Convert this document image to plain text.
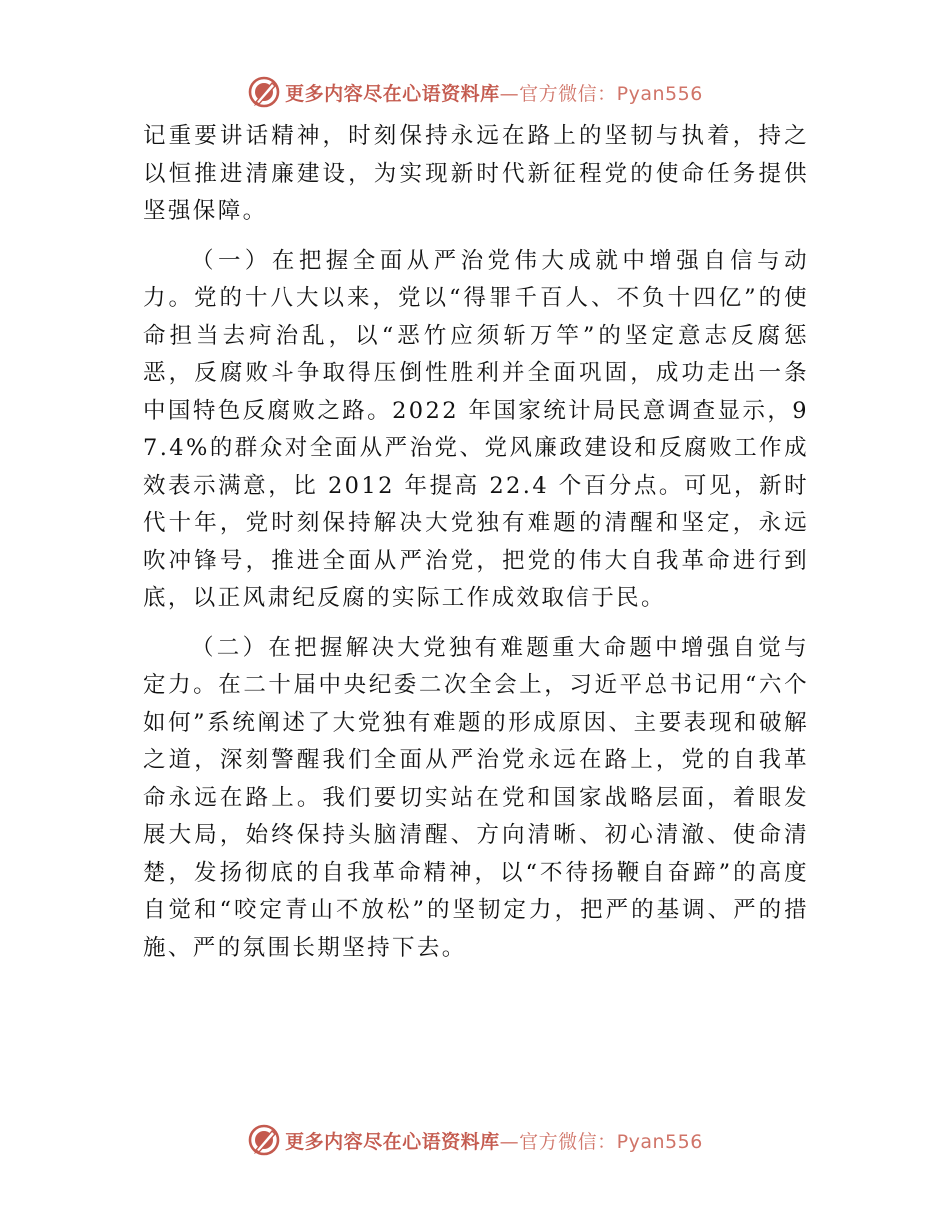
更多内容尽在心语资料库—官方微信：Pyan556

记重要讲话精神，时刻保持永远在路上的坚韧与执着，持之以恒推进清廉建设，为实现新时代新征程党的使命任务提供坚强保障。

（一）在把握全面从严治党伟大成就中增强自信与动力。党的十八大以来，党以“得罪千百人、不负十四亿”的使命担当去疴治乱，以“恶竹应须斩万竿”的坚定意志反腐惩恶，反腐败斗争取得压倒性胜利并全面巩固，成功走出一条中国特色反腐败之路。2022 年国家统计局民意调查显示，97.4%的群众对全面从严治党、党风廉政建设和反腐败工作成效表示满意，比 2012 年提高 22.4 个百分点。可见，新时代十年，党时刻保持解决大党独有难题的清醒和坚定，永远吹冲锋号，推进全面从严治党，把党的伟大自我革命进行到底，以正风肃纪反腐的实际工作成效取信于民。

（二）在把握解决大党独有难题重大命题中增强自觉与定力。在二十届中央纪委二次全会上，习近平总书记用“六个如何”系统阐述了大党独有难题的形成原因、主要表现和破解之道，深刻警醒我们全面从严治党永远在路上，党的自我革命永远在路上。我们要切实站在党和国家战略层面，着眼发展大局，始终保持头脑清醒、方向清晰、初心清澈、使命清楚，发扬彻底的自我革命精神，以“不待扬鞭自奋蹄”的高度自觉和“咬定青山不放松”的坚韧定力，把严的基调、严的措施、严的氛围长期坚持下去。

更多内容尽在心语资料库—官方微信：Pyan556
